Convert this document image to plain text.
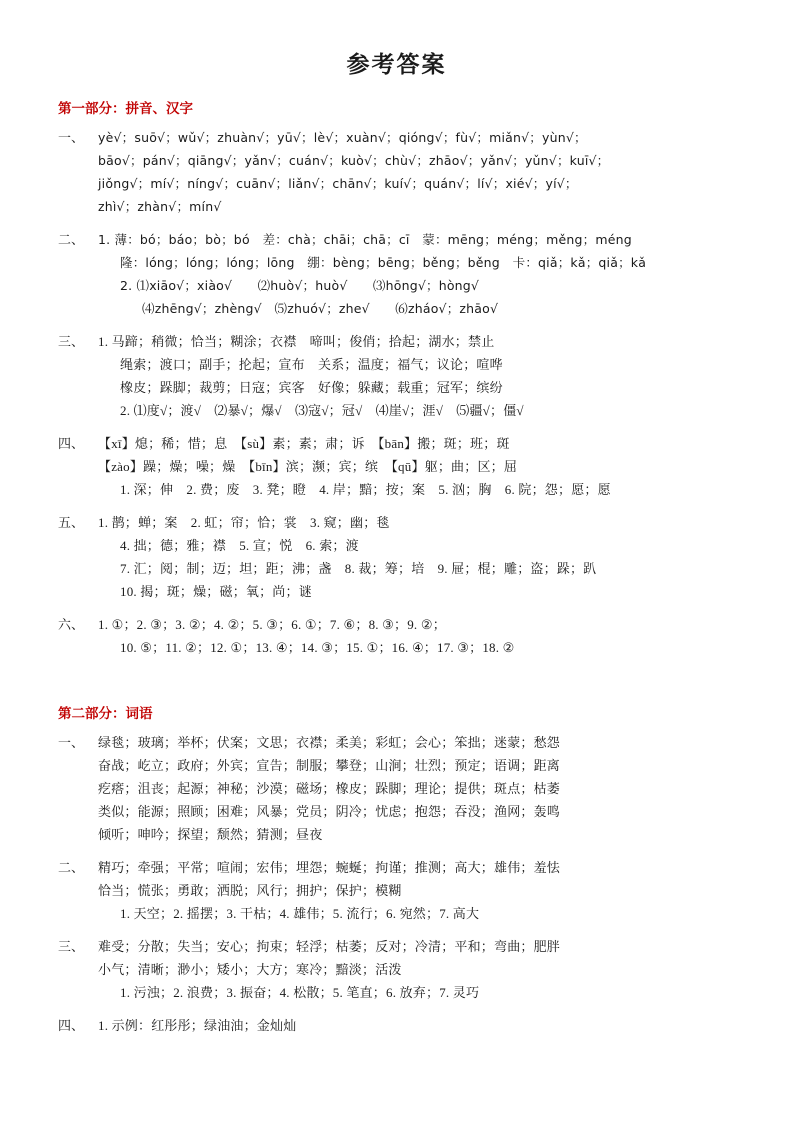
参考答案
第一部分：拼音、汉字
一、	yè√；suō√；wǔ√；zhuàn√；yū√；lè√；xuàn√；qióng√；fù√；miǎn√；yùn√；
bāo√；pán√；qiāng√；yǎn√；cuán√；kuò√；chù√；zhāo√；yǎn√；yǔn√；kuī√；
jiǒng√；mí√；níng√；cuān√；liǎn√；chān√；kuí√；quán√；lí√；xié√；yí√；
zhì√；zhàn√；mín√
二、	1. 薄：bó；báo；bò；bó　差：chà；chāi；chā；cī　蒙：mēng；méng；měng；méng
隆：lóng；lóng；lóng；lōng　绷：bèng；bēng；běng；běng　卡：qiǎ；kǎ；qiǎ；kǎ
2. ⑴xiāo√；xiào√　　⑵huò√；huò√　　⑶hōng√；hòng√
⑷zhēng√；zhèng√　⑸zhuó√；zhe√　　⑹zháo√；zhāo√
三、	1. 马蹄；稍微；恰当；糊涂；衣襟　啼叫；俊俏；拾起；湖水；禁止
绳索；渡口；副手；抡起；宣布　关系；温度；福气；议论；喧哗
橡皮；跺脚；裁剪；日寇；宾客　好像；躲藏；载重；冠军；缤纷
2. ⑴度√；渡√　⑵暴√；爆√　⑶寇√；冠√　⑷崖√；涯√　⑸疆√；僵√
四、	【xī】熄；稀；惜；息　【sù】素；素；肃；诉　【bān】搬；斑；班；斑
【zào】躁；燥；噪；燥　【bīn】滨；濒；宾；缤　【qū】躯；曲；区；屈
1. 深；伸　2. 费；废　3. 凳；瞪　4. 岸；黯；按；案　5. 汹；胸　6. 院；怨；愿；愿
五、	1. 鹊；蝉；案　2. 虹；帘；恰；裳　3. 窥；幽；毯
4. 拙；德；雅；襟　5. 宣；悦　6. 索；渡
7. 汇；阅；制；迈；坦；距；沸；盏　8. 裁；筹；培　9. 屉；棍；雕；盗；跺；趴
10. 揭；斑；燥；磁；氧；尚；谜
六、	1. ①；2. ③；3. ②；4. ②；5. ③；6. ①；7. ⑥；8. ③；9. ②；
10. ⑤；11. ②；12. ①；13. ④；14. ③；15. ①；16. ④；17. ③；18. ②
第二部分：词语
一、	绿毯；玻璃；举杯；伏案；文思；衣襟；柔美；彩虹；会心；笨拙；迷蒙；愁怨
奋战；屹立；政府；外宾；宣告；制服；攀登；山涧；壮烈；预定；语调；距离
疙瘩；沮丧；起源；神秘；沙漠；磁场；橡皮；跺脚；理论；提供；斑点；枯萎
类似；能源；照顾；困难；风暴；党员；阴冷；忧虑；抱怨；吞没；渔网；轰鸣
倾听；呻吟；探望；颓然；猜测；昼夜
二、	精巧；牵强；平常；喧闹；宏伟；埋怨；蜿蜒；拘谨；推测；高大；雄伟；羞怯
恰当；慌张；勇敢；洒脱；风行；拥护；保护；模糊
1. 天空；2. 摇摆；3. 干枯；4. 雄伟；5. 流行；6. 宛然；7. 高大
三、	难受；分散；失当；安心；拘束；轻浮；枯萎；反对；冷清；平和；弯曲；肥胖
小气；清晰；渺小；矮小；大方；寒冷；黯淡；活泼
1. 污浊；2. 浪费；3. 振奋；4. 松散；5. 笔直；6. 放弃；7. 灵巧
四、	1. 示例：红彤彤；绿油油；金灿灿
